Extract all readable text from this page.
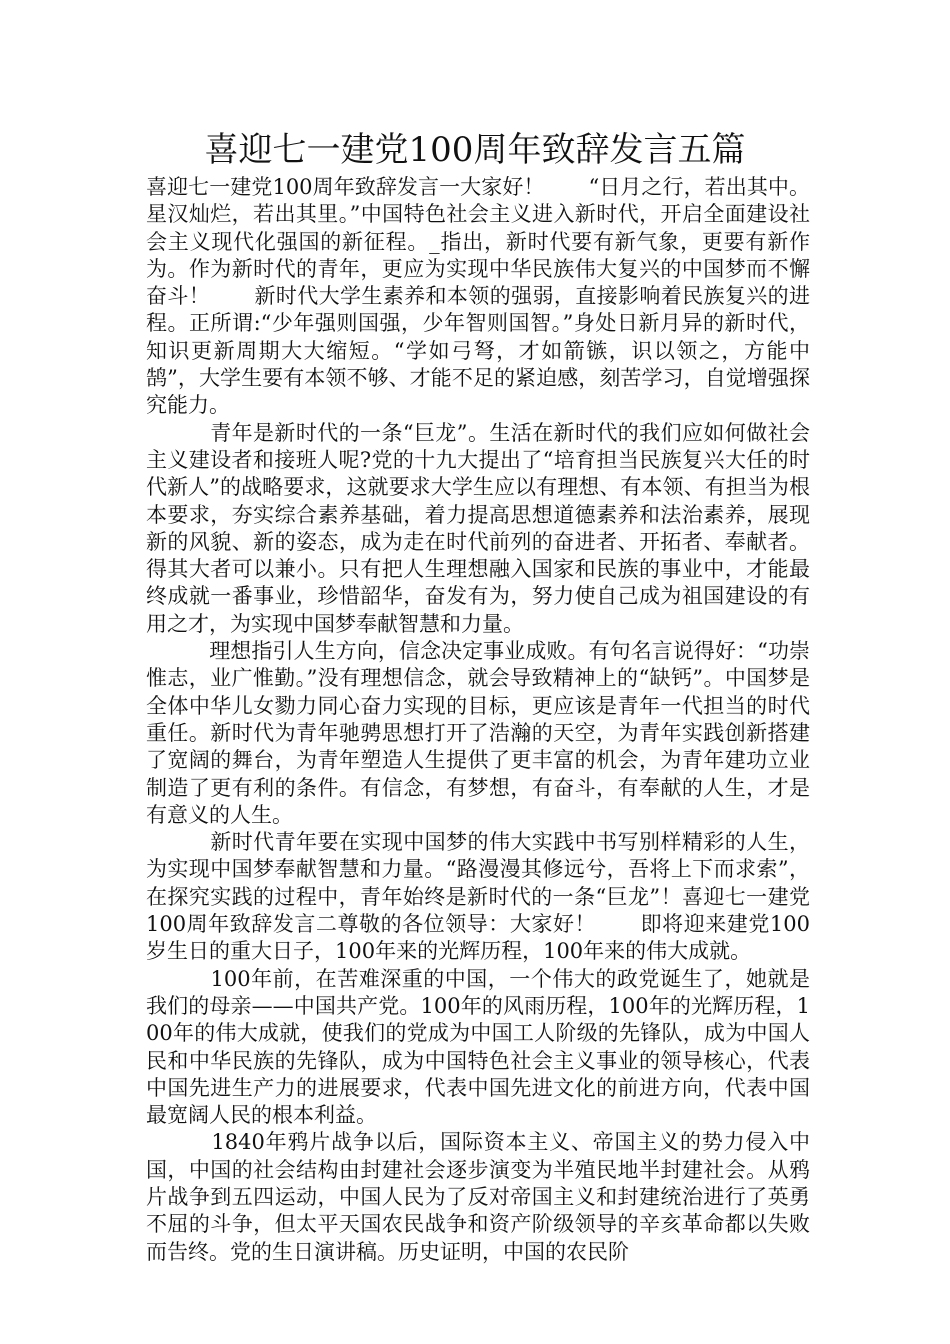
喜迎七一建党100周年致辞发言五篇

喜迎七一建党100周年致辞发言一大家好！ “日月之行，若出其中。星汉灿烂，若出其里。”中国特色社会主义进入新时代，开启全面建设社会主义现代化强国的新征程。_指出，新时代要有新气象，更要有新作为。作为新时代的青年，更应为实现中华民族伟大复兴的中国梦而不懈奋斗！ 新时代大学生素养和本领的强弱，直接影响着民族复兴的进程。正所谓:“少年强则国强，少年智则国智。”身处日新月异的新时代，知识更新周期大大缩短。“学如弓弩，才如箭镞，识以领之，方能中鹄”，大学生要有本领不够、才能不足的紧迫感，刻苦学习，自觉增强探究能力。

　　　青年是新时代的一条“巨龙”。生活在新时代的我们应如何做社会主义建设者和接班人呢?党的十九大提出了“培育担当民族复兴大任的时代新人”的战略要求，这就要求大学生应以有理想、有本领、有担当为根本要求，夯实综合素养基础，着力提高思想道德素养和法治素养，展现新的风貌、新的姿态，成为走在时代前列的奋进者、开拓者、奉献者。得其大者可以兼小。只有把人生理想融入国家和民族的事业中，才能最终成就一番事业，珍惜韶华，奋发有为，努力使自己成为祖国建设的有用之才，为实现中国梦奉献智慧和力量。

　　　理想指引人生方向，信念决定事业成败。有句名言说得好：“功崇惟志，业广惟勤。”没有理想信念，就会导致精神上的“缺钙”。中国梦是全体中华儿女勠力同心奋力实现的目标，更应该是青年一代担当的时代重任。新时代为青年驰骋思想打开了浩瀚的天空，为青年实践创新搭建了宽阔的舞台，为青年塑造人生提供了更丰富的机会，为青年建功立业制造了更有利的条件。有信念，有梦想，有奋斗，有奉献的人生，才是有意义的人生。

　　　新时代青年要在实现中国梦的伟大实践中书写别样精彩的人生，为实现中国梦奉献智慧和力量。“路漫漫其修远兮，吾将上下而求索”，在探究实践的过程中，青年始终是新时代的一条“巨龙”！喜迎七一建党100周年致辞发言二尊敬的各位领导：大家好！ 即将迎来建党100岁生日的重大日子，100年来的光辉历程，100年来的伟大成就。

　　　100年前，在苦难深重的中国，一个伟大的政党诞生了，她就是我们的母亲——中国共产党。100年的风雨历程，100年的光辉历程，100年的伟大成就，使我们的党成为中国工人阶级的先锋队，成为中国人民和中华民族的先锋队，成为中国特色社会主义事业的领导核心，代表中国先进生产力的进展要求，代表中国先进文化的前进方向，代表中国最宽阔人民的根本利益。

　　　1840年鸦片战争以后，国际资本主义、帝国主义的势力侵入中国，中国的社会结构由封建社会逐步演变为半殖民地半封建社会。从鸦片战争到五四运动，中国人民为了反对帝国主义和封建统治进行了英勇不屈的斗争，但太平天国农民战争和资产阶级领导的辛亥革命都以失败而告终。党的生日演讲稿。历史证明，中国的农民阶
